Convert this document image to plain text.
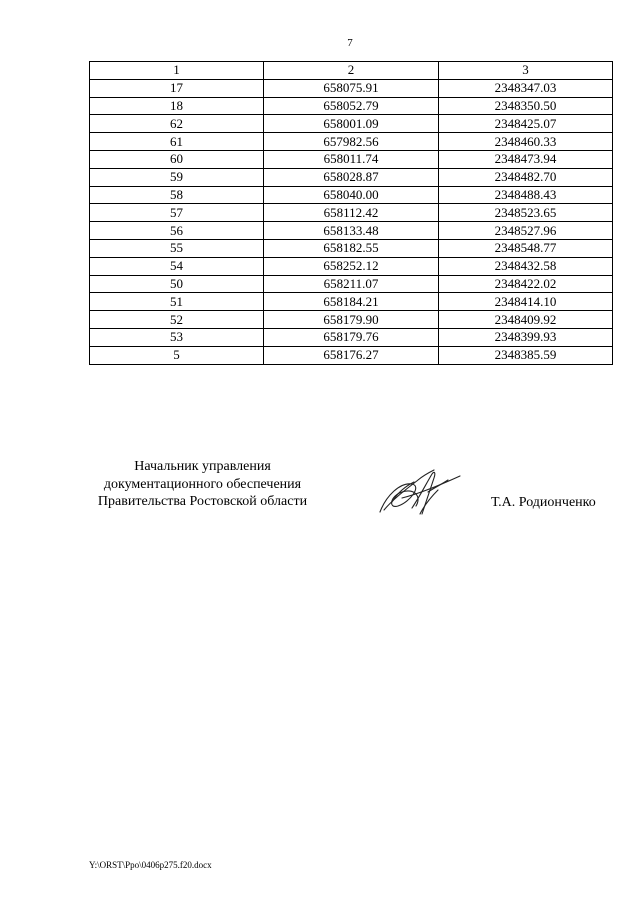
7
1	2	3
17	658075.91	2348347.03
18	658052.79	2348350.50
62	658001.09	2348425.07
61	657982.56	2348460.33
60	658011.74	2348473.94
59	658028.87	2348482.70
58	658040.00	2348488.43
57	658112.42	2348523.65
56	658133.48	2348527.96
55	658182.55	2348548.77
54	658252.12	2348432.58
50	658211.07	2348422.02
51	658184.21	2348414.10
52	658179.90	2348409.92
53	658179.76	2348399.93
5	658176.27	2348385.59
Начальник управления
документационного обеспечения
Правительства Ростовской области	Т.А. Родионченко
Y:\ORST\Ppo\0406p275.f20.docx
